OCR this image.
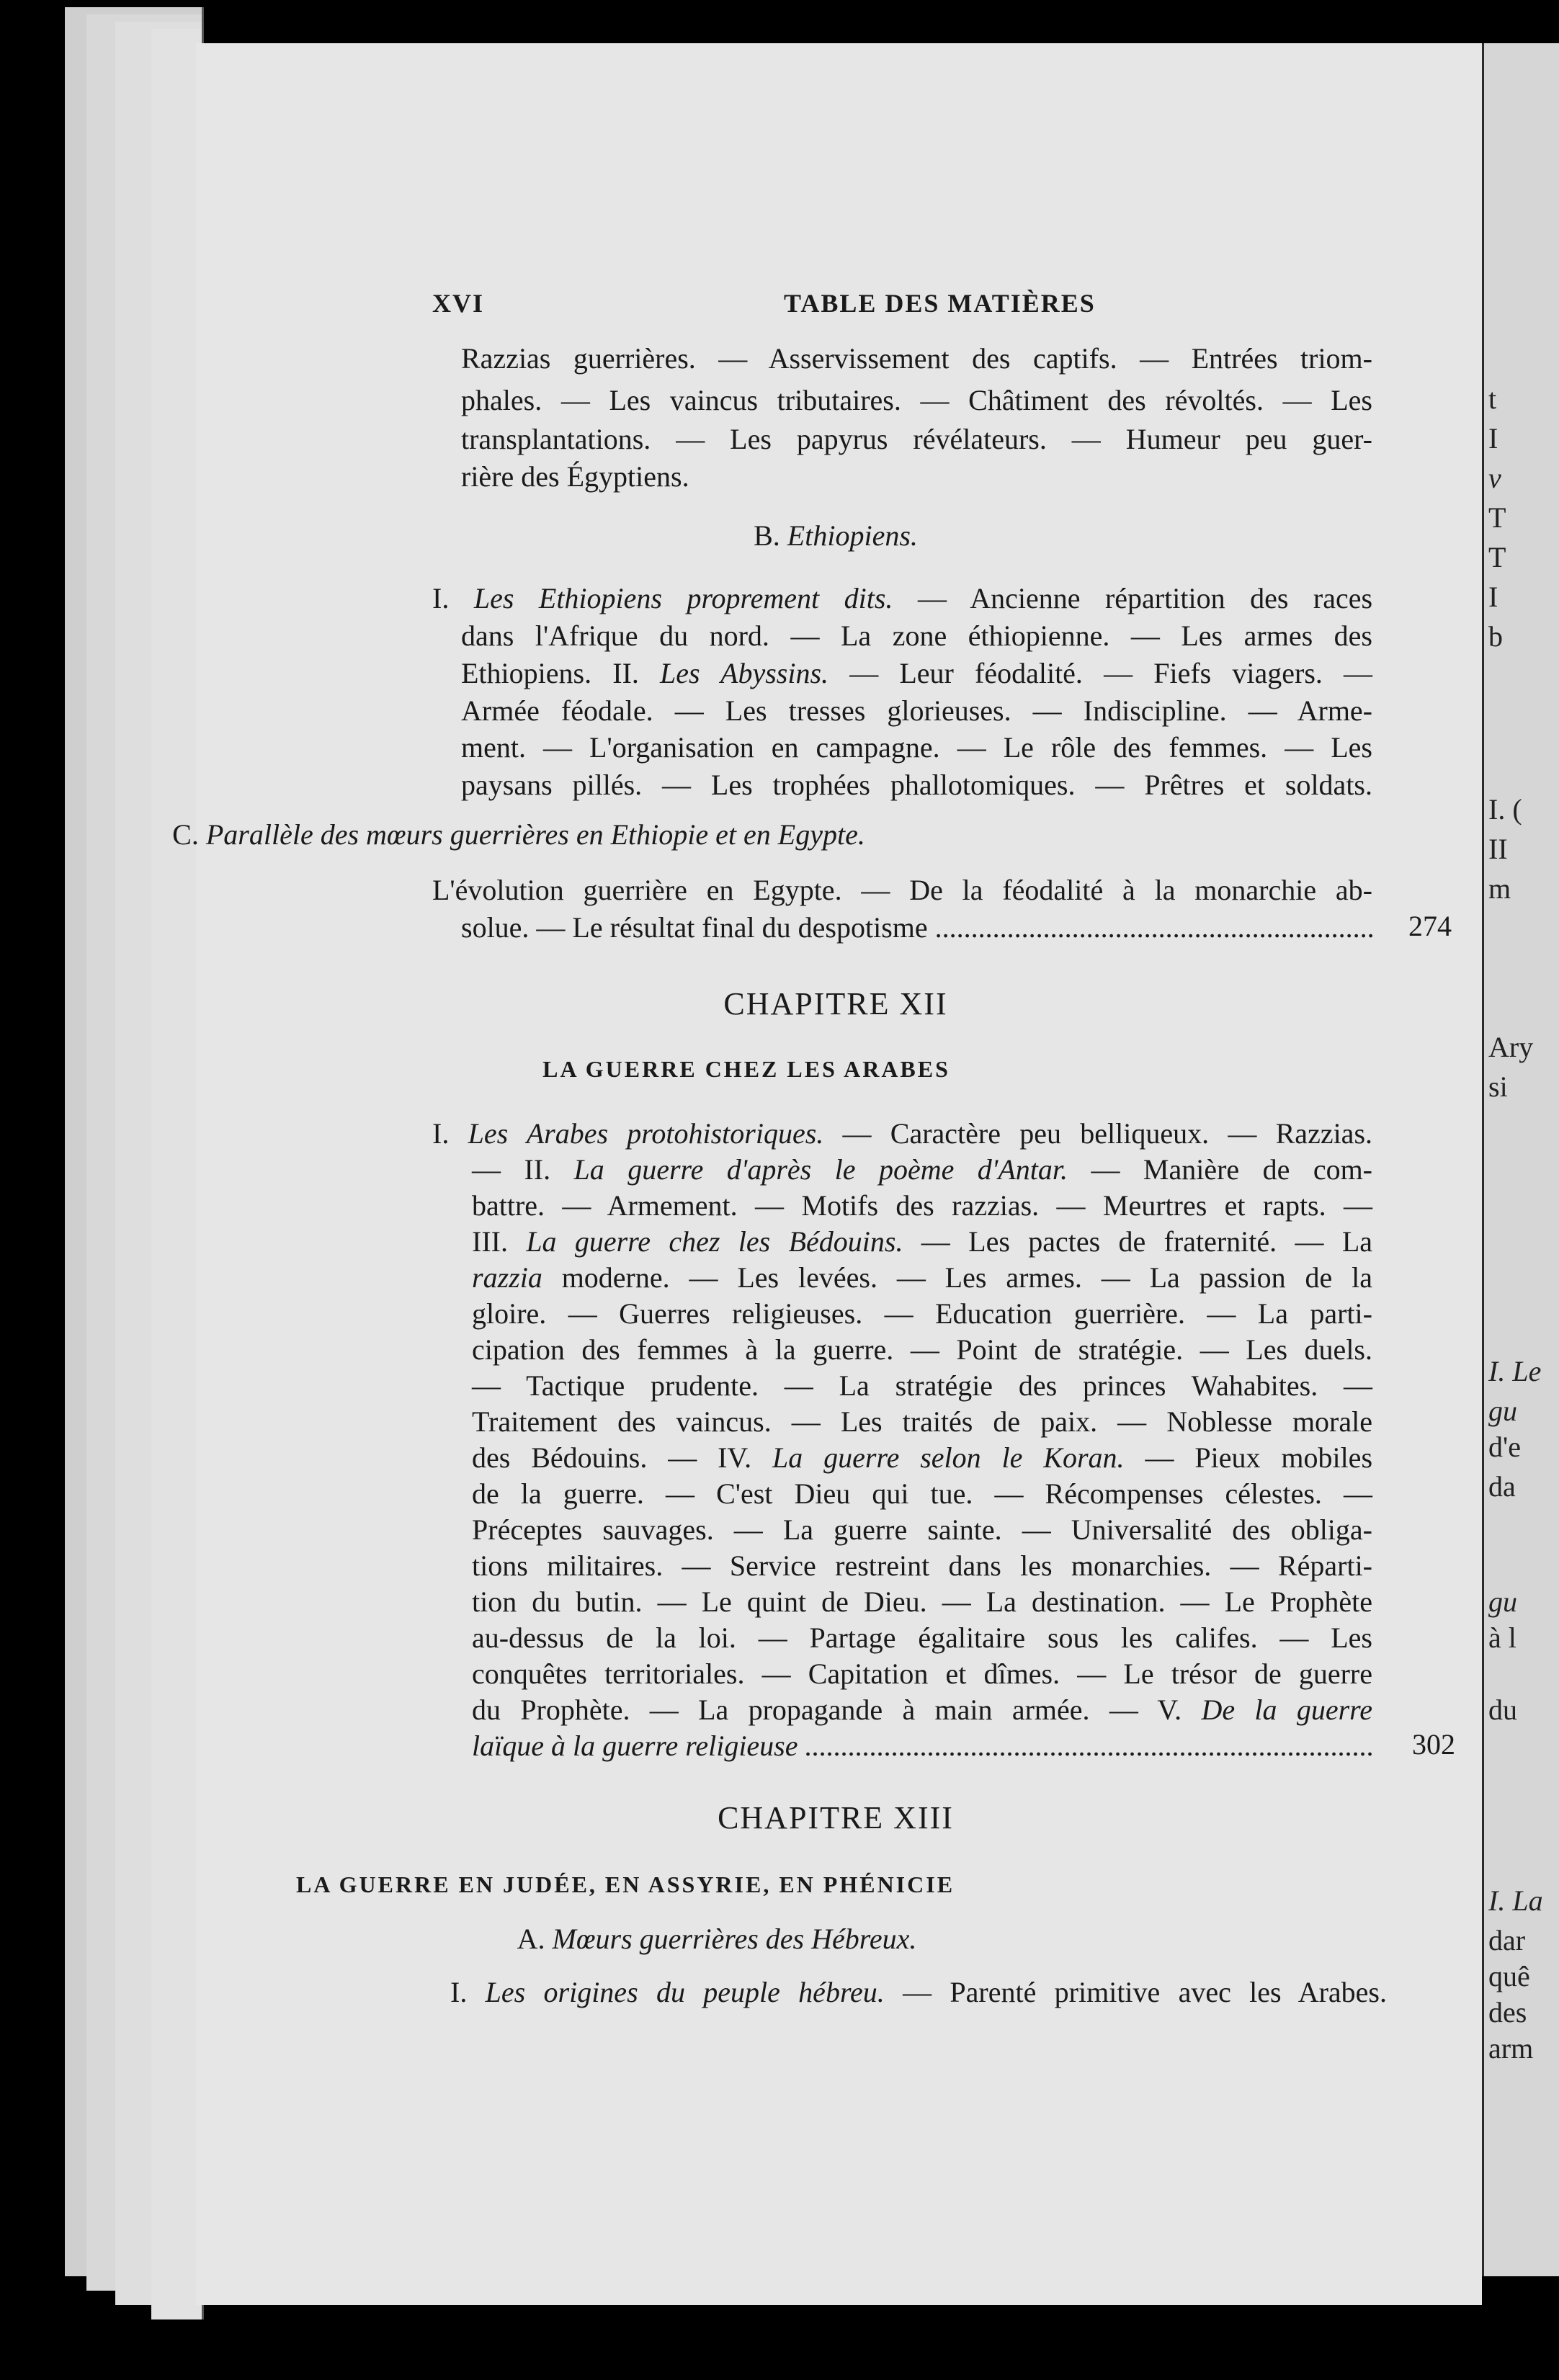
t
I
v
T
T
I
b
I. (
II
m
Ary
si
I. Le
gu
d'e
da
gu
à l
du
I. La
dar
quê
des
arm
XVI	TABLE DES MATIÈRES
Razzias guerrières. — Asservissement des captifs. — Entrées triom-
phales. — Les vaincus tributaires. — Châtiment des révoltés. — Les
transplantations. — Les papyrus révélateurs. — Humeur peu guer-
rière des Égyptiens.
B. Ethiopiens.
I. Les Ethiopiens proprement dits. — Ancienne répartition des races
dans l'Afrique du nord. — La zone éthiopienne. — Les armes des
Ethiopiens. II. Les Abyssins. — Leur féodalité. — Fiefs viagers. —
Armée féodale. — Les tresses glorieuses. — Indiscipline. — Arme-
ment. — L'organisation en campagne. — Le rôle des femmes. — Les
paysans pillés. — Les trophées phallotomiques. — Prêtres et soldats.
C. Parallèle des mœurs guerrières en Ethiopie et en Egypte.
L'évolution guerrière en Egypte. — De la féodalité à la monarchie ab-
solue. — Le résultat final du despotisme .....	274
CHAPITRE XII
LA GUERRE CHEZ LES ARABES
I. Les Arabes protohistoriques. — Caractère peu belliqueux. — Razzias.
— II. La guerre d'après le poème d'Antar. — Manière de com-
battre. — Armement. — Motifs des razzias. — Meurtres et rapts. —
III. La guerre chez les Bédouins. — Les pactes de fraternité. — La
razzia moderne. — Les levées. — Les armes. — La passion de la
gloire. — Guerres religieuses. — Education guerrière. — La parti-
cipation des femmes à la guerre. — Point de stratégie. — Les duels.
— Tactique prudente. — La stratégie des princes Wahabites. —
Traitement des vaincus. — Les traités de paix. — Noblesse morale
des Bédouins. — IV. La guerre selon le Koran. — Pieux mobiles
de la guerre. — C'est Dieu qui tue. — Récompenses célestes. —
Préceptes sauvages. — La guerre sainte. — Universalité des obliga-
tions militaires. — Service restreint dans les monarchies. — Réparti-
tion du butin. — Le quint de Dieu. — La destination. — Le Prophète
au-dessus de la loi. — Partage égalitaire sous les califes. — Les
conquêtes territoriales. — Capitation et dîmes. — Le trésor de guerre
du Prophète. — La propagande à main armée. — V. De la guerre
laïque à la guerre religieuse .....	302
CHAPITRE XIII
LA GUERRE EN JUDÉE, EN ASSYRIE, EN PHÉNICIE
A. Mœurs guerrières des Hébreux.
I. Les origines du peuple hébreu. — Parenté primitive avec les Arabes.
